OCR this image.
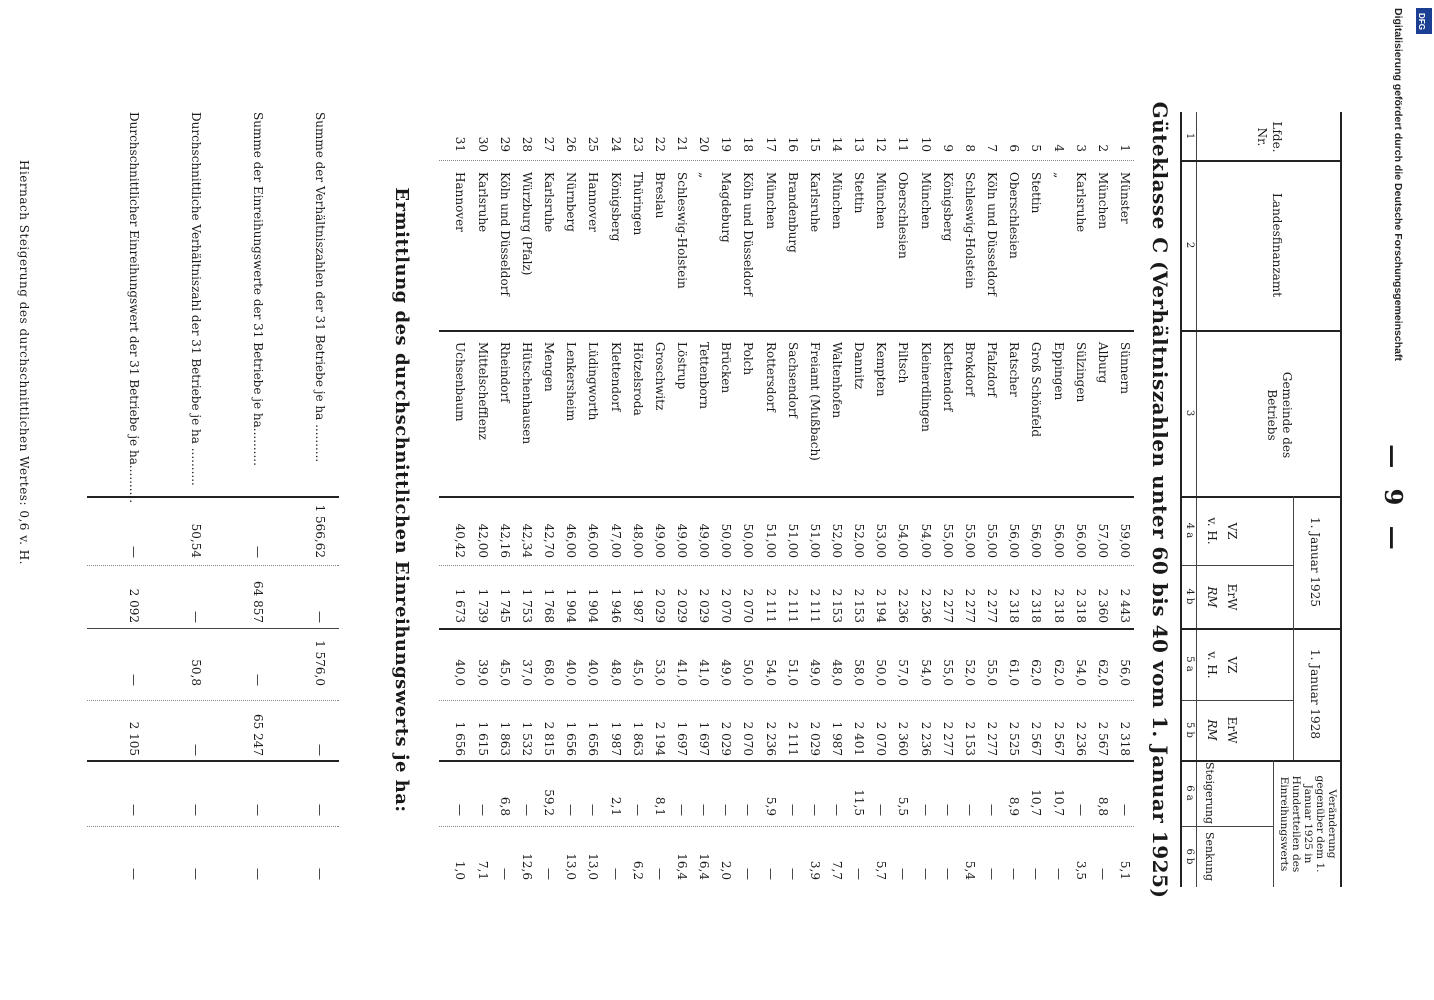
— 9 —
Lfde. Nr.
Landesfinanzamt
Gemeinde des Betriebs
1. Januar 1925
1. Januar 1928
VZ
v. H.
ErW
RM
VZ
v. H.
ErW
RM
Veränderung gegenüber dem 1. Januar 1925 in Hundertteilen des Einreihungswerts
Steigerung
Senkung
1
2
3
4 a
4 b
5 a
5 b
6 a
6 b
Güteklasse C (Verhältniszahlen unter 60 bis 40 vom 1. Januar 1925)
1
Münster
Sünnern
59,00
2 443
56,0
2 318
—
5,1
2
München
Alburg
57,00
2 360
62,0
2 567
8,8
—
3
Karlsruhe
Sülzingen
56,00
2 318
54,0
2 236
—
3,5
4
„
Eppingen
56,00
2 318
62,0
2 567
10,7
—
5
Stettin
Groß Schönfeld
56,00
2 318
62,0
2 567
10,7
—
6
Oberschlesien
Ratscher
56,00
2 318
61,0
2 525
8,9
—
7
Köln und Düsseldorf
Pfalzdorf
55,00
2 277
55,0
2 277
—
—
8
Schleswig-Holstein
Brokdorf
55,00
2 277
52,0
2 153
—
5,4
9
Königsberg
Klettendorf
55,00
2 277
55,0
2 277
—
—
10
München
Kleinerdlingen
54,00
2 236
54,0
2 236
—
—
11
Oberschlesien
Piltsch
54,00
2 236
57,0
2 360
5,5
—
12
München
Kempten
53,00
2 194
50,0
2 070
—
5,7
13
Stettin
Dannitz
52,00
2 153
58,0
2 401
11,5
—
14
München
Waltenhofen
52,00
2 153
48,0
1 987
—
7,7
15
Karlsruhe
Freiamt (Mußbach)
51,00
2 111
49,0
2 029
—
3,9
16
Brandenburg
Sachsendorf
51,00
2 111
51,0
2 111
—
—
17
München
Rottersdorf
51,00
2 111
54,0
2 236
5,9
—
18
Köln und Düsseldorf
Polch
50,00
2 070
50,0
2 070
—
—
19
Magdeburg
Brücken
50,00
2 070
49,0
2 029
—
2,0
20
„
Tettenborn
49,00
2 029
41,0
1 697
—
16,4
21
Schleswig-Holstein
Löstrup
49,00
2 029
41,0
1 697
—
16,4
22
Breslau
Groschwitz
49,00
2 029
53,0
2 194
8,1
—
23
Thüringen
Hötzelsroda
48,00
1 987
45,0
1 863
—
6,2
24
Königsberg
Klettendorf
47,00
1 946
48,0
1 987
2,1
—
25
Hannover
Lüdingworth
46,00
1 904
40,0
1 656
—
13,0
26
Nürnberg
Lenkersheim
46,00
1 904
40,0
1 656
—
13,0
27
Karlsruhe
Mengen
42,70
1 768
68,0
2 815
59,2
—
28
Würzburg (Pfalz)
Hütschenhausen
42,34
1 753
37,0
1 532
—
12,6
29
Köln und Düsseldorf
Rheindorf
42,16
1 745
45,0
1 863
6,8
—
30
Karlsruhe
Mittelschefflenz
42,00
1 739
39,0
1 615
—
7,1
31
Hannover
Uchsenbaum
40,42
1 673
40,0
1 656
—
1,0
Ermittlung des durchschnittlichen Einreihungswerts je ha:
Summe der Verhältniszahlen der 31 Betriebe je ha ..........
1 566,62
—
1 576,0
—
—
—
Summe der Einreihungswerte der 31 Betriebe je ha..........
—
64 857
—
65 247
—
—
Durchschnittliche Verhältniszahl der 31 Betriebe je ha ..........
50,54
—
50,8
—
—
—
Durchschnittlicher Einreihungswert der 31 Betriebe je ha..........
—
2 092
—
2 105
—
—
Hiernach Steigerung des durchschnittlichen Wertes: 0,6 v. H.	Digitalisierung gefördert durch die Deutsche Forschungsgemeinschaft DFG
